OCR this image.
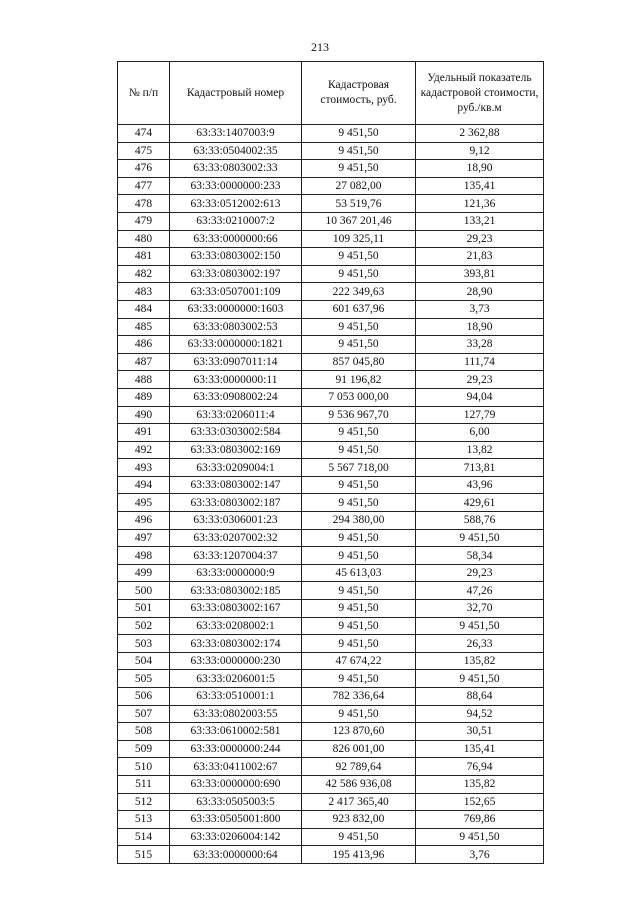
213
№ п/п	Кадастровый номер	Кадастровая стоимость, руб.	Удельный показатель кадастровой стоимости, руб./кв.м
474	63:33:1407003:9	9 451,50	2 362,88
475	63:33:0504002:35	9 451,50	9,12
476	63:33:0803002:33	9 451,50	18,90
477	63:33:0000000:233	27 082,00	135,41
478	63:33:0512002:613	53 519,76	121,36
479	63:33:0210007:2	10 367 201,46	133,21
480	63:33:0000000:66	109 325,11	29,23
481	63:33:0803002:150	9 451,50	21,83
482	63:33:0803002:197	9 451,50	393,81
483	63:33:0507001:109	222 349,63	28,90
484	63:33:0000000:1603	601 637,96	3,73
485	63:33:0803002:53	9 451,50	18,90
486	63:33:0000000:1821	9 451,50	33,28
487	63:33:0907011:14	857 045,80	111,74
488	63:33:0000000:11	91 196,82	29,23
489	63:33:0908002:24	7 053 000,00	94,04
490	63:33:0206011:4	9 536 967,70	127,79
491	63:33:0303002:584	9 451,50	6,00
492	63:33:0803002:169	9 451,50	13,82
493	63:33:0209004:1	5 567 718,00	713,81
494	63:33:0803002:147	9 451,50	43,96
495	63:33:0803002:187	9 451,50	429,61
496	63:33:0306001:23	294 380,00	588,76
497	63:33:0207002:32	9 451,50	9 451,50
498	63:33:1207004:37	9 451,50	58,34
499	63:33:0000000:9	45 613,03	29,23
500	63:33:0803002:185	9 451,50	47,26
501	63:33:0803002:167	9 451,50	32,70
502	63:33:0208002:1	9 451,50	9 451,50
503	63:33:0803002:174	9 451,50	26,33
504	63:33:0000000:230	47 674,22	135,82
505	63:33:0206001:5	9 451,50	9 451,50
506	63:33:0510001:1	782 336,64	88,64
507	63:33:0802003:55	9 451,50	94,52
508	63:33:0610002:581	123 870,60	30,51
509	63:33:0000000:244	826 001,00	135,41
510	63:33:0411002:67	92 789,64	76,94
511	63:33:0000000:690	42 586 936,08	135,82
512	63:33:0505003:5	2 417 365,40	152,65
513	63:33:0505001:800	923 832,00	769,86
514	63:33:0206004:142	9 451,50	9 451,50
515	63:33:0000000:64	195 413,96	3,76
